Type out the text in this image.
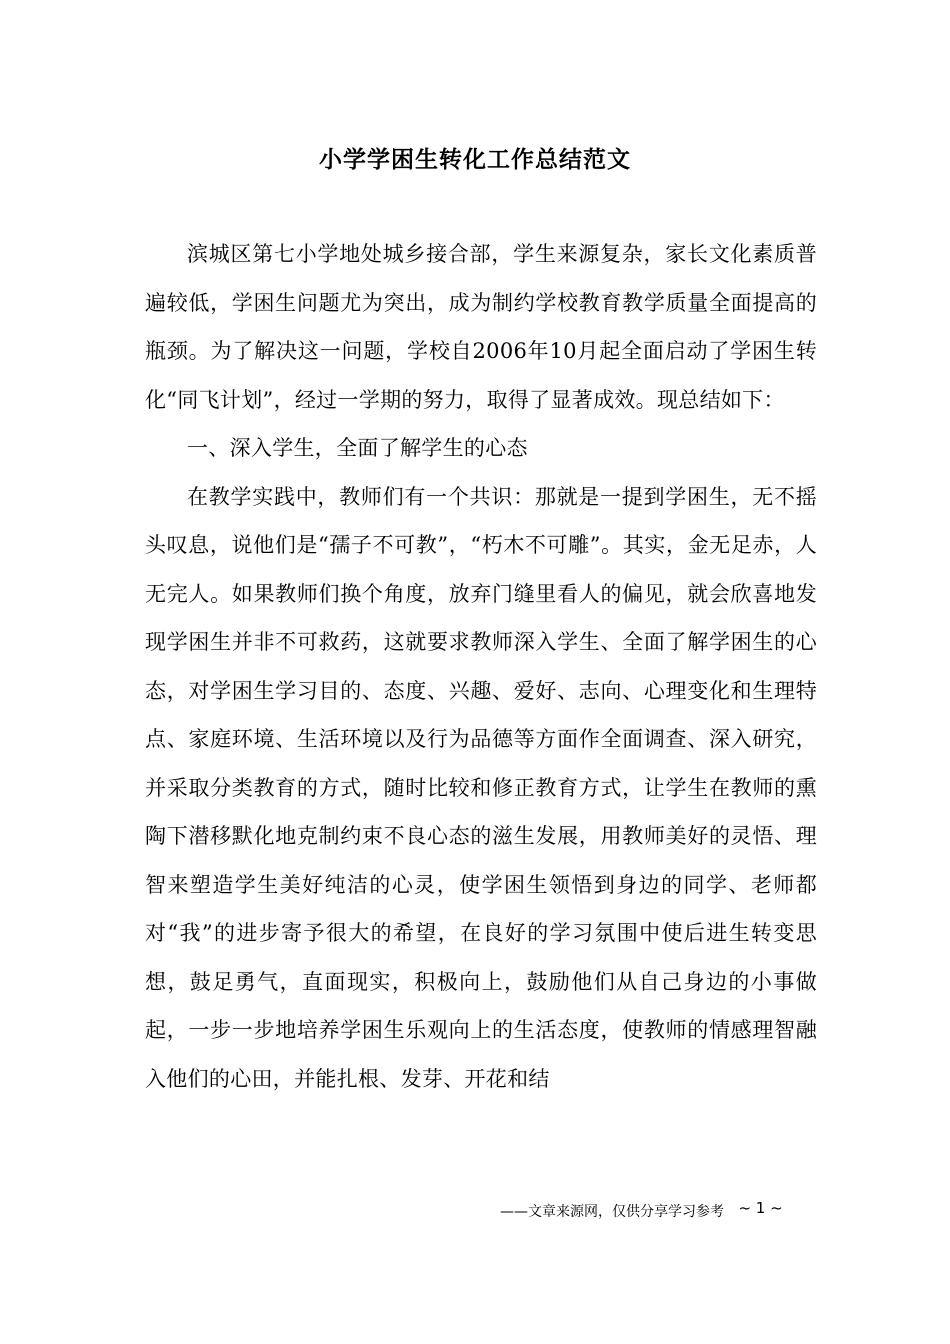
小学学困生转化工作总结范文

滨城区第七小学地处城乡接合部，学生来源复杂，家长文化素质普遍较低，学困生问题尤为突出，成为制约学校教育教学质量全面提高的瓶颈。为了解决这一问题，学校自2006年10月起全面启动了学困生转化“同飞计划”，经过一学期的努力，取得了显著成效。现总结如下：

一、深入学生，全面了解学生的心态

在教学实践中，教师们有一个共识：那就是一提到学困生，无不摇头叹息，说他们是“孺子不可教”，“朽木不可雕”。其实，金无足赤，人无完人。如果教师们换个角度，放弃门缝里看人的偏见，就会欣喜地发现学困生并非不可救药，这就要求教师深入学生、全面了解学困生的心态，对学困生学习目的、态度、兴趣、爱好、志向、心理变化和生理特点、家庭环境、生活环境以及行为品德等方面作全面调查、深入研究，并采取分类教育的方式，随时比较和修正教育方式，让学生在教师的熏陶下潜移默化地克制约束不良心态的滋生发展，用教师美好的灵悟、理智来塑造学生美好纯洁的心灵，使学困生领悟到身边的同学、老师都对“我”的进步寄予很大的希望，在良好的学习氛围中使后进生转变思想，鼓足勇气，直面现实，积极向上，鼓励他们从自己身边的小事做起，一步一步地培养学困生乐观向上的生活态度，使教师的情感理智融入他们的心田，并能扎根、发芽、开花和结

——文章来源网，仅供分享学习参考 ~ 1 ~
